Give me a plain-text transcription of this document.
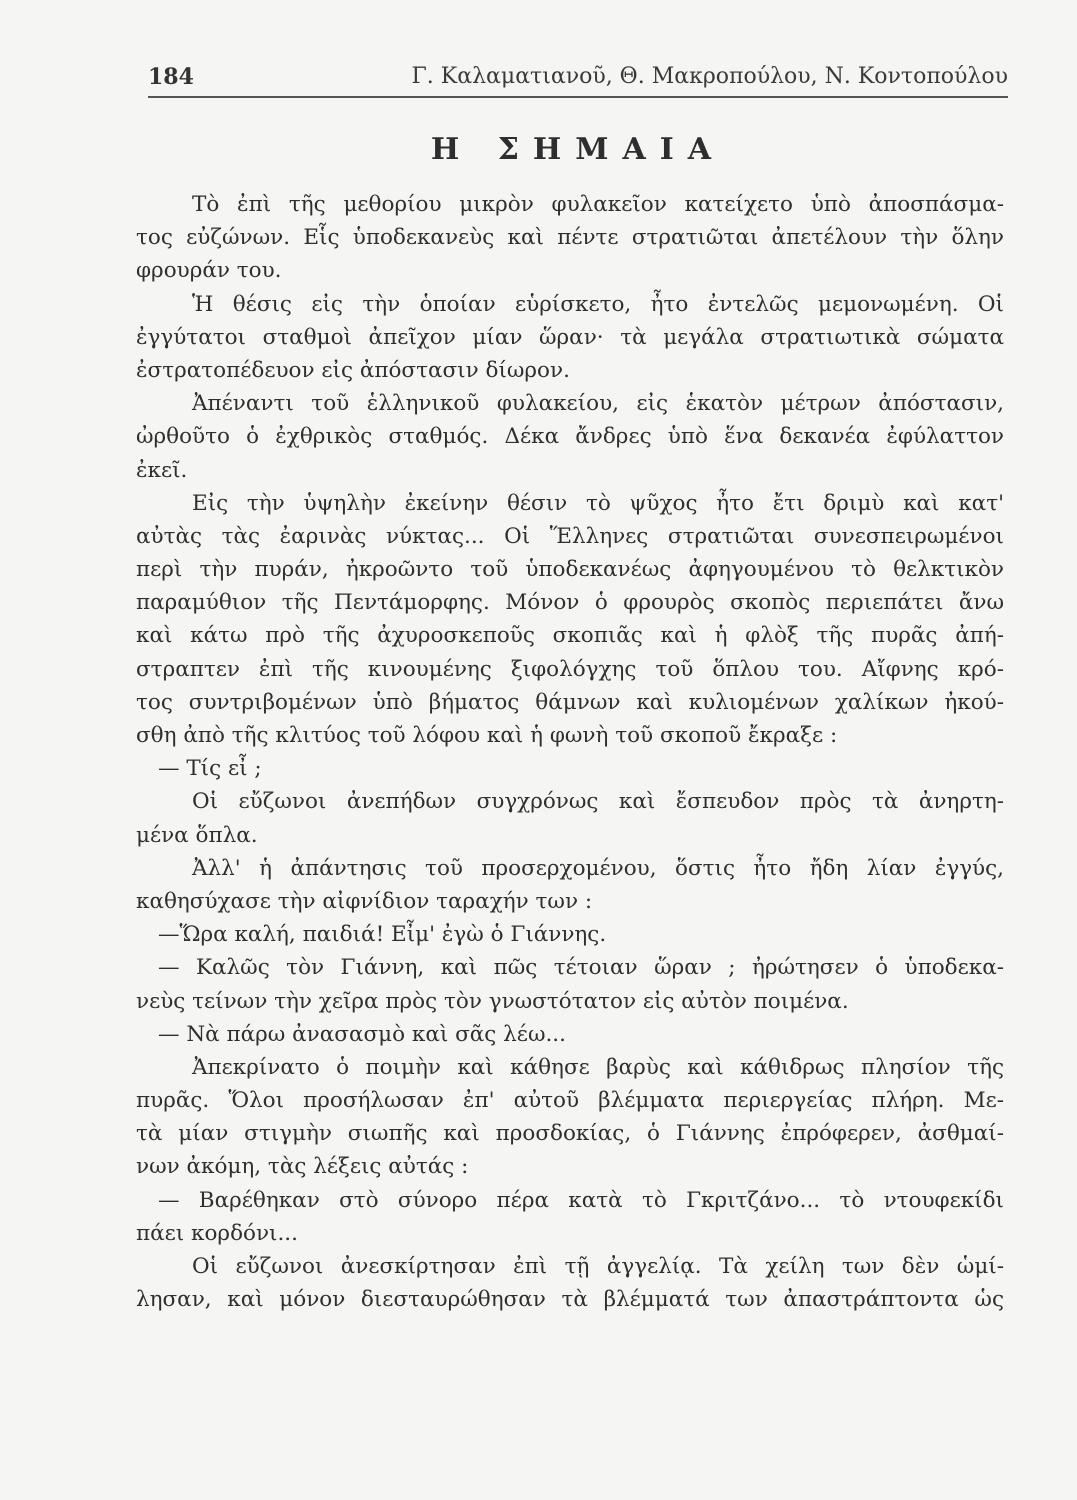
184	Γ. Καλαματιανοῦ, Θ. Μακροπούλου, Ν. Κοντοπούλου
Η ΣΗΜΑΙΑ
Τὸ ἐπὶ τῆς μεθορίου μικρὸν φυλακεῖον κατείχετο ὑπὸ ἀποσπάσμα-
τος εὐζώνων. Εἷς ὑποδεκανεὺς καὶ πέντε στρατιῶται ἀπετέλουν τὴν ὅλην
φρουράν του.
Ἡ θέσις εἰς τὴν ὁποίαν εὑρίσκετο, ἦτο ἐντελῶς μεμονωμένη. Οἱ
ἐγγύτατοι σταθμοὶ ἀπεῖχον μίαν ὥραν· τὰ μεγάλα στρατιωτικὰ σώματα
ἐστρατοπέδευον εἰς ἀπόστασιν δίωρον.
Ἀπέναντι τοῦ ἑλληνικοῦ φυλακείου, εἰς ἑκατὸν μέτρων ἀπόστασιν,
ὠρθοῦτο ὁ ἐχθρικὸς σταθμός. Δέκα ἄνδρες ὑπὸ ἕνα δεκανέα ἐφύλαττον
ἐκεῖ.
Εἰς τὴν ὑψηλὴν ἐκείνην θέσιν τὸ ψῦχος ἦτο ἔτι δριμὺ καὶ κατ'
αὐτὰς τὰς ἐαρινὰς νύκτας... Οἱ Ἕλληνες στρατιῶται συνεσπειρωμένοι
περὶ τὴν πυράν, ἠκροῶντο τοῦ ὑποδεκανέως ἀφηγουμένου τὸ θελκτικὸν
παραμύθιον τῆς Πεντάμορφης. Μόνον ὁ φρουρὸς σκοπὸς περιεπάτει ἄνω
καὶ κάτω πρὸ τῆς ἀχυροσκεποῦς σκοπιᾶς καὶ ἡ φλὸξ τῆς πυρᾶς ἀπή-
στραπτεν ἐπὶ τῆς κινουμένης ξιφολόγχης τοῦ ὅπλου του. Αἴφνης κρό-
τος συντριβομένων ὑπὸ βήματος θάμνων καὶ κυλιομένων χαλίκων ἠκού-
σθη ἀπὸ τῆς κλιτύος τοῦ λόφου καὶ ἡ φωνὴ τοῦ σκοποῦ ἔκραξε :
— Τίς εἶ ;
Οἱ εὔζωνοι ἀνεπήδων συγχρόνως καὶ ἔσπευδον πρὸς τὰ ἀνηρτη-
μένα ὅπλα.
Ἀλλ' ἡ ἀπάντησις τοῦ προσερχομένου, ὅστις ἦτο ἤδη λίαν ἐγγύς,
καθησύχασε τὴν αἰφνίδιον ταραχήν των :
—Ὥρα καλή, παιδιά! Εἶμ' ἐγὼ ὁ Γιάννης.
— Καλῶς τὸν Γιάννη, καὶ πῶς τέτοιαν ὥραν ; ἠρώτησεν ὁ ὑποδεκα-
νεὺς τείνων τὴν χεῖρα πρὸς τὸν γνωστότατον εἰς αὐτὸν ποιμένα.
— Νὰ πάρω ἀνασασμὸ καὶ σᾶς λέω...
Ἀπεκρίνατο ὁ ποιμὴν καὶ κάθησε βαρὺς καὶ κάθιδρως πλησίον τῆς
πυρᾶς. Ὅλοι προσήλωσαν ἐπ' αὐτοῦ βλέμματα περιεργείας πλήρη. Με-
τὰ μίαν στιγμὴν σιωπῆς καὶ προσδοκίας, ὁ Γιάννης ἐπρόφερεν, ἀσθμαί-
νων ἀκόμη, τὰς λέξεις αὐτάς :
— Βαρέθηκαν στὸ σύνορο πέρα κατὰ τὸ Γκριτζάνο... τὸ ντουφεκίδι
πάει κορδόνι...
Οἱ εὔζωνοι ἀνεσκίρτησαν ἐπὶ τῇ ἀγγελίᾳ. Τὰ χείλη των δὲν ὡμί-
λησαν, καὶ μόνον διεσταυρώθησαν τὰ βλέμματά των ἀπαστράπτοντα ὡς
